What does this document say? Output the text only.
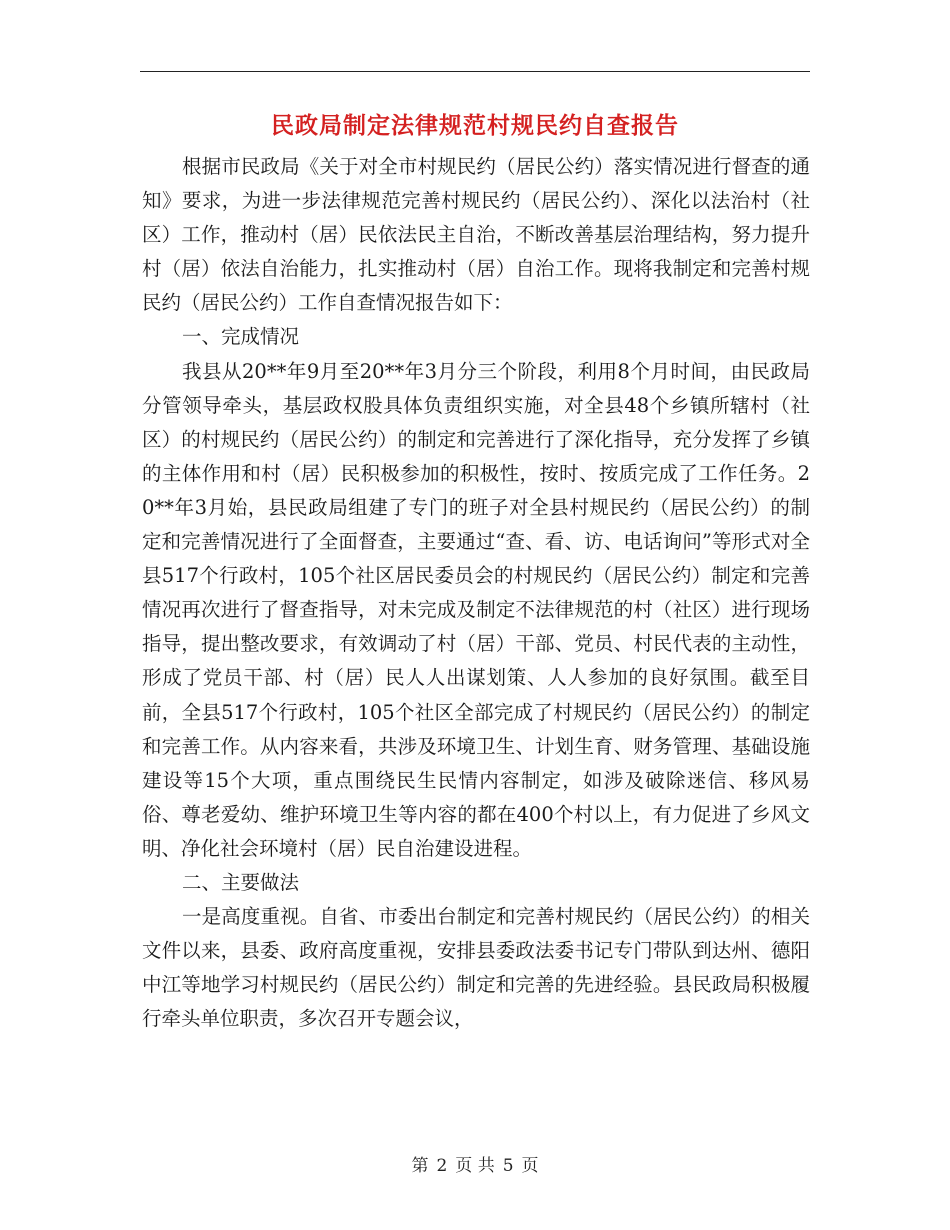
民政局制定法律规范村规民约自查报告

根据市民政局《关于对全市村规民约（居民公约）落实情况进行督查的通知》要求，为进一步法律规范完善村规民约（居民公约）、深化以法治村（社区）工作，推动村（居）民依法民主自治，不断改善基层治理结构，努力提升村（居）依法自治能力，扎实推动村（居）自治工作。现将我制定和完善村规民约（居民公约）工作自查情况报告如下：

一、完成情况

我县从20**年9月至20**年3月分三个阶段，利用8个月时间，由民政局分管领导牵头，基层政权股具体负责组织实施，对全县48个乡镇所辖村（社区）的村规民约（居民公约）的制定和完善进行了深化指导，充分发挥了乡镇的主体作用和村（居）民积极参加的积极性，按时、按质完成了工作任务。20**年3月始，县民政局组建了专门的班子对全县村规民约（居民公约）的制定和完善情况进行了全面督查，主要通过“查、看、访、电话询问”等形式对全县517个行政村，105个社区居民委员会的村规民约（居民公约）制定和完善情况再次进行了督查指导，对未完成及制定不法律规范的村（社区）进行现场指导，提出整改要求，有效调动了村（居）干部、党员、村民代表的主动性，形成了党员干部、村（居）民人人出谋划策、人人参加的良好氛围。截至目前，全县517个行政村，105个社区全部完成了村规民约（居民公约）的制定和完善工作。从内容来看，共涉及环境卫生、计划生育、财务管理、基础设施建设等15个大项，重点围绕民生民情内容制定，如涉及破除迷信、移风易俗、尊老爱幼、维护环境卫生等内容的都在400个村以上，有力促进了乡风文明、净化社会环境村（居）民自治建设进程。

二、主要做法

一是高度重视。自省、市委出台制定和完善村规民约（居民公约）的相关文件以来，县委、政府高度重视，安排县委政法委书记专门带队到达州、德阳中江等地学习村规民约（居民公约）制定和完善的先进经验。县民政局积极履行牵头单位职责，多次召开专题会议，

第 2 页 共 5 页
